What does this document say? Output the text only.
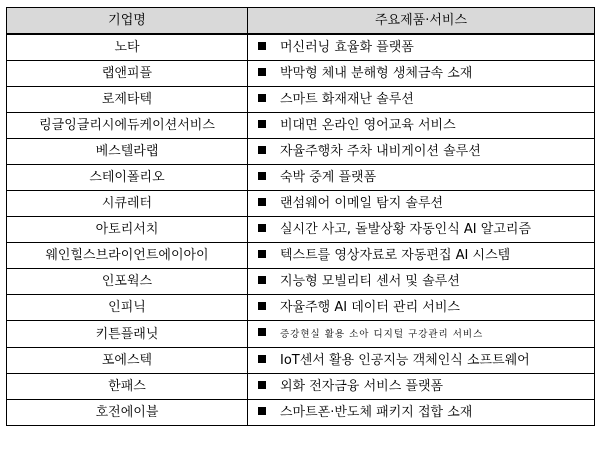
기업명	주요제품·서비스
노타	머신러닝 효율화 플랫폼
랩앤피플	박막형 체내 분해형 생체금속 소재
로제타텍	스마트 화재재난 솔루션
링글잉글리시에듀케이션서비스	비대면 온라인 영어교육 서비스
베스텔라랩	자율주행차 주차 내비게이션 솔루션
스테이폴리오	숙박 중계 플랫폼
시큐레터	랜섬웨어 이메일 탐지 솔루션
아토리서치	실시간 사고, 돌발상황 자동인식 AI 알고리즘
웨인힐스브라이언트에이아이	텍스트를 영상자료로 자동편집 AI 시스템
인포웍스	지능형 모빌리티 센서 및 솔루션
인피닉	자율주행 AI 데이터 관리 서비스
키튼플래닛	증강현실 활용 소아 디지털 구강관리 서비스
포에스텍	IoT센서 활용 인공지능 객체인식 소프트웨어
한패스	외화 전자금융 서비스 플랫폼
호전에이블	스마트폰·반도체 패키지 접합 소재
